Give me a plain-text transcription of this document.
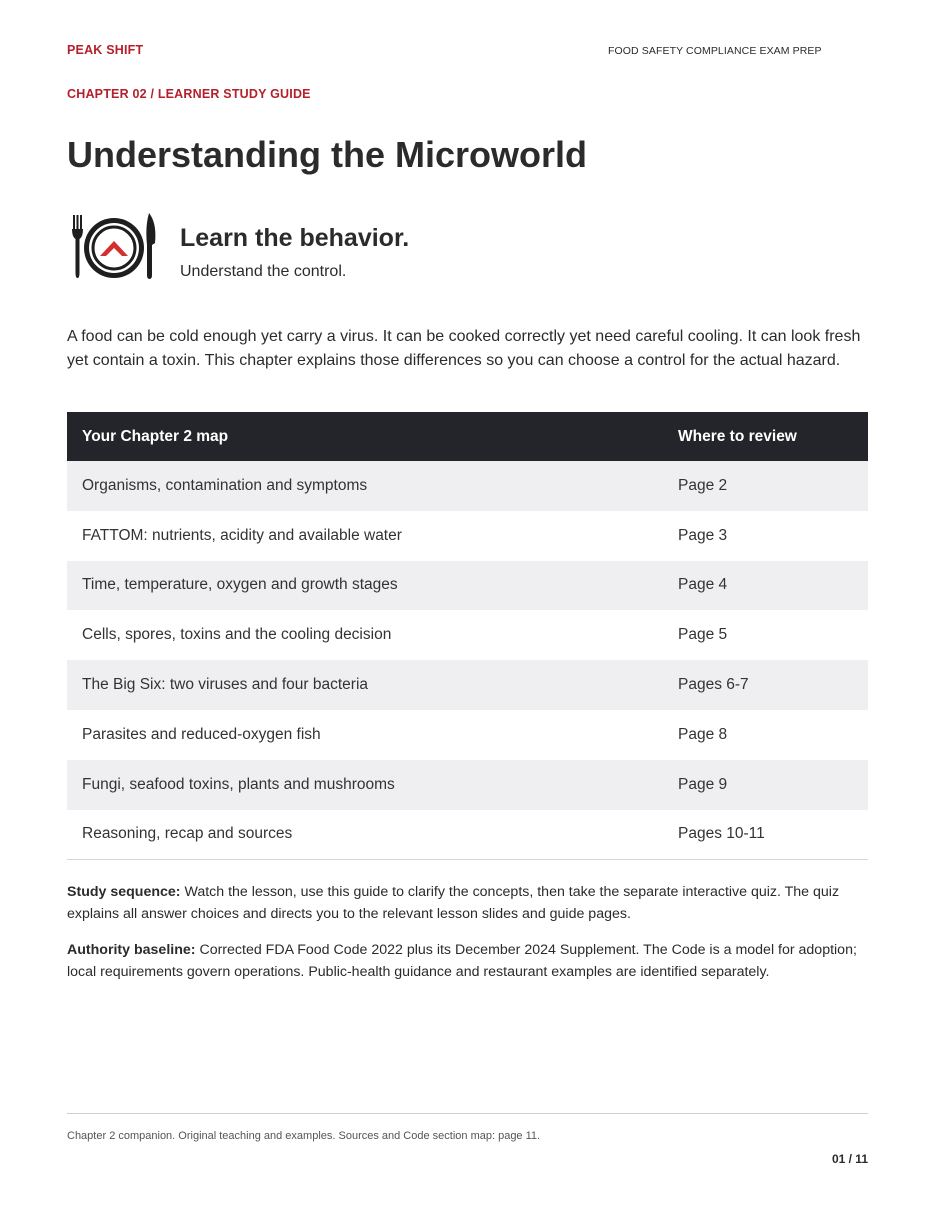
PEAK SHIFT	FOOD SAFETY COMPLIANCE EXAM PREP
CHAPTER 02 / LEARNER STUDY GUIDE
Understanding the Microworld
Learn the behavior.
Understand the control.

A food can be cold enough yet carry a virus. It can be cooked correctly yet need careful cooling. It can look fresh yet contain a toxin. This chapter explains those differences so you can choose a control for the actual hazard.

Your Chapter 2 map	Where to review
Organisms, contamination and symptoms	Page 2
FATTOM: nutrients, acidity and available water	Page 3
Time, temperature, oxygen and growth stages	Page 4
Cells, spores, toxins and the cooling decision	Page 5
The Big Six: two viruses and four bacteria	Pages 6-7
Parasites and reduced-oxygen fish	Page 8
Fungi, seafood toxins, plants and mushrooms	Page 9
Reasoning, recap and sources	Pages 10-11

Study sequence: Watch the lesson, use this guide to clarify the concepts, then take the separate interactive quiz. The quiz explains all answer choices and directs you to the relevant lesson slides and guide pages.

Authority baseline: Corrected FDA Food Code 2022 plus its December 2024 Supplement. The Code is a model for adoption; local requirements govern operations. Public-health guidance and restaurant examples are identified separately.

Chapter 2 companion. Original teaching and examples. Sources and Code section map: page 11.
01 / 11
